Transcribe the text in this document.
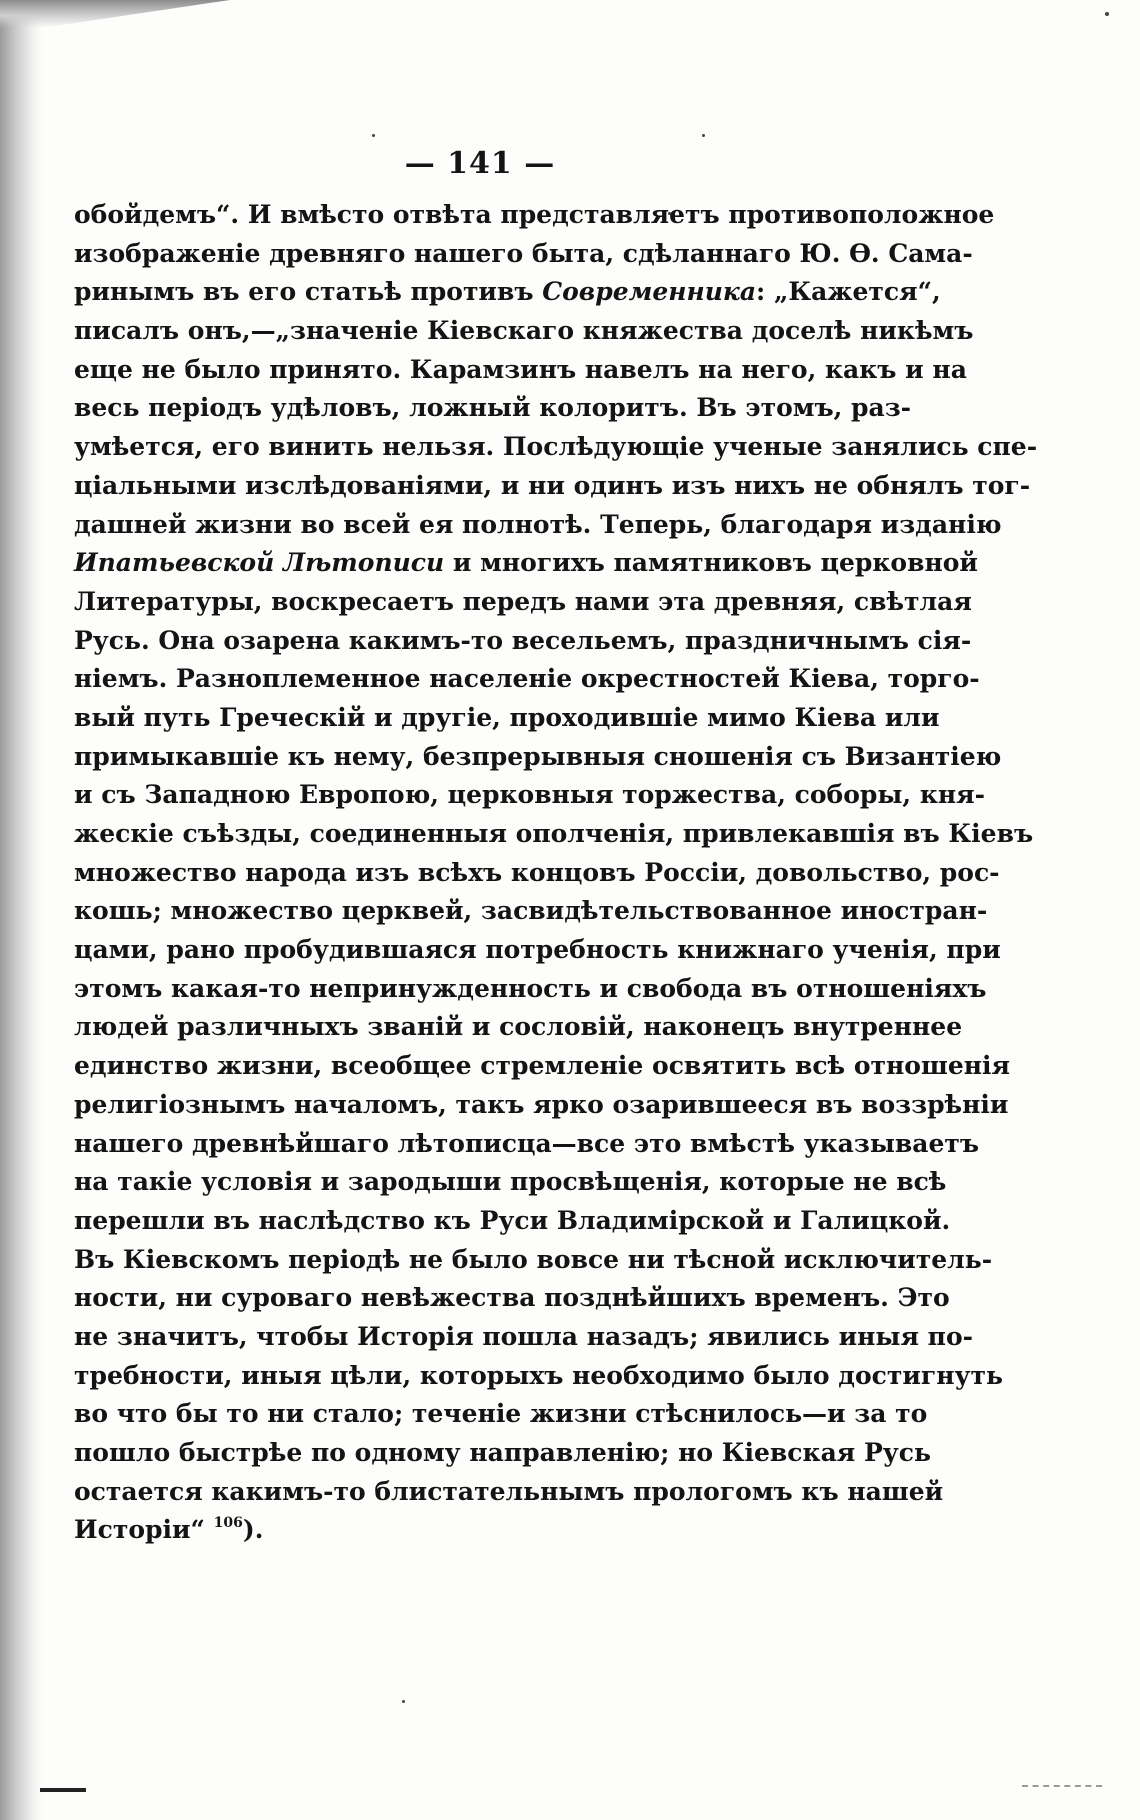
— 141 —
обойдемъ“. И вмѣсто отвѣта представляетъ противоположное
изображеніе древняго нашего быта, сдѣланнаго Ю. Ѳ. Сама-
ринымъ въ его статьѣ противъ Современника: „Кажется“,
писалъ онъ,—„значеніе Кіевскаго княжества доселѣ никѣмъ
еще не было принято. Карамзинъ навелъ на него, какъ и на
весь періодъ удѣловъ, ложный колоритъ. Въ этомъ, раз-
умѣется, его винить нельзя. Послѣдующіе ученые занялись спе-
ціальными изслѣдованіями, и ни одинъ изъ нихъ не обнялъ тог-
дашней жизни во всей ея полнотѣ. Теперь, благодаря изданію
Ипатьевской Лѣтописи и многихъ памятниковъ церковной
Литературы, воскресаетъ передъ нами эта древняя, свѣтлая
Русь. Она озарена какимъ-то весельемъ, праздничнымъ сія-
ніемъ. Разноплеменное населеніе окрестностей Кіева, торго-
вый путь Греческій и другіе, проходившіе мимо Кіева или
примыкавшіе къ нему, безпрерывныя сношенія съ Византіею
и съ Западною Европою, церковныя торжества, соборы, кня-
жескіе съѣзды, соединенныя ополченія, привлекавшія въ Кіевъ
множество народа изъ всѣхъ концовъ Россіи, довольство, рос-
кошь; множество церквей, засвидѣтельствованное иностран-
цами, рано пробудившаяся потребность книжнаго ученія, при
этомъ какая-то непринужденность и свобода въ отношеніяхъ
людей различныхъ званій и сословій, наконецъ внутреннее
единство жизни, всеобщее стремленіе освятить всѣ отношенія
религіознымъ началомъ, такъ ярко озарившееся въ воззрѣніи
нашего древнѣйшаго лѣтописца—все это вмѣстѣ указываетъ
на такіе условія и зародыши просвѣщенія, которые не всѣ
перешли въ наслѣдство къ Руси Владимірской и Галицкой.
Въ Кіевскомъ періодѣ не было вовсе ни тѣсной исключитель-
ности, ни суроваго невѣжества позднѣйшихъ временъ. Это
не значитъ, чтобы Исторія пошла назадъ; явились иныя по-
требности, иныя цѣли, которыхъ необходимо было достигнуть
во что бы то ни стало; теченіе жизни стѣснилось—и за то
пошло быстрѣе по одному направленію; но Кіевская Русь
остается какимъ-то блистательнымъ прологомъ къ нашей
Исторіи“ $^{106}$).
